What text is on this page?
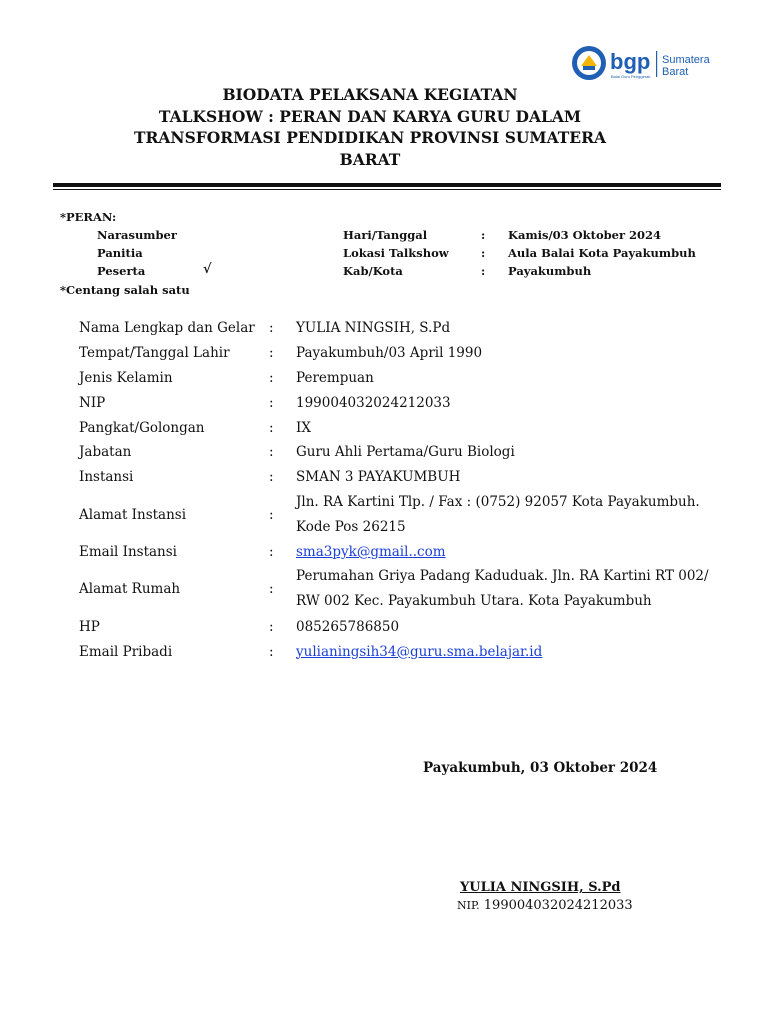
bgp
Balai Guru Penggerak
Sumatera
Barat
BIODATA PELAKSANA KEGIATAN
TALKSHOW : PERAN DAN KARYA GURU DALAM
TRANSFORMASI PENDIDIKAN PROVINSI SUMATERA
BARAT
*PERAN:
Narasumber
Panitia
Peserta	√
*Centang salah satu
Hari/Tanggal	: Kamis/03 Oktober 2024
Lokasi Talkshow	: Aula Balai Kota Payakumbuh
Kab/Kota	: Payakumbuh
Nama Lengkap dan Gelar	:	YULIA NINGSIH, S.Pd
Tempat/Tanggal Lahir	:	Payakumbuh/03 April 1990
Jenis Kelamin	:	Perempuan
NIP	:	199004032024212033
Pangkat/Golongan	:	IX
Jabatan	:	Guru Ahli Pertama/Guru Biologi
Instansi	:	SMAN 3 PAYAKUMBUH
Alamat Instansi	:
Jln. RA Kartini Tlp. / Fax : (0752) 92057 Kota Payakumbuh.
Kode Pos 26215
Email Instansi	:	sma3pyk@gmail..com
Alamat Rumah	:
Perumahan Griya Padang Kaduduak. Jln. RA Kartini RT 002/
RW 002 Kec. Payakumbuh Utara. Kota Payakumbuh
HP	:	085265786850
Email Pribadi	:	yulianingsih34@guru.sma.belajar.id
Payakumbuh, 03 Oktober 2024
YULIA NINGSIH, S.Pd
NIP. 199004032024212033
